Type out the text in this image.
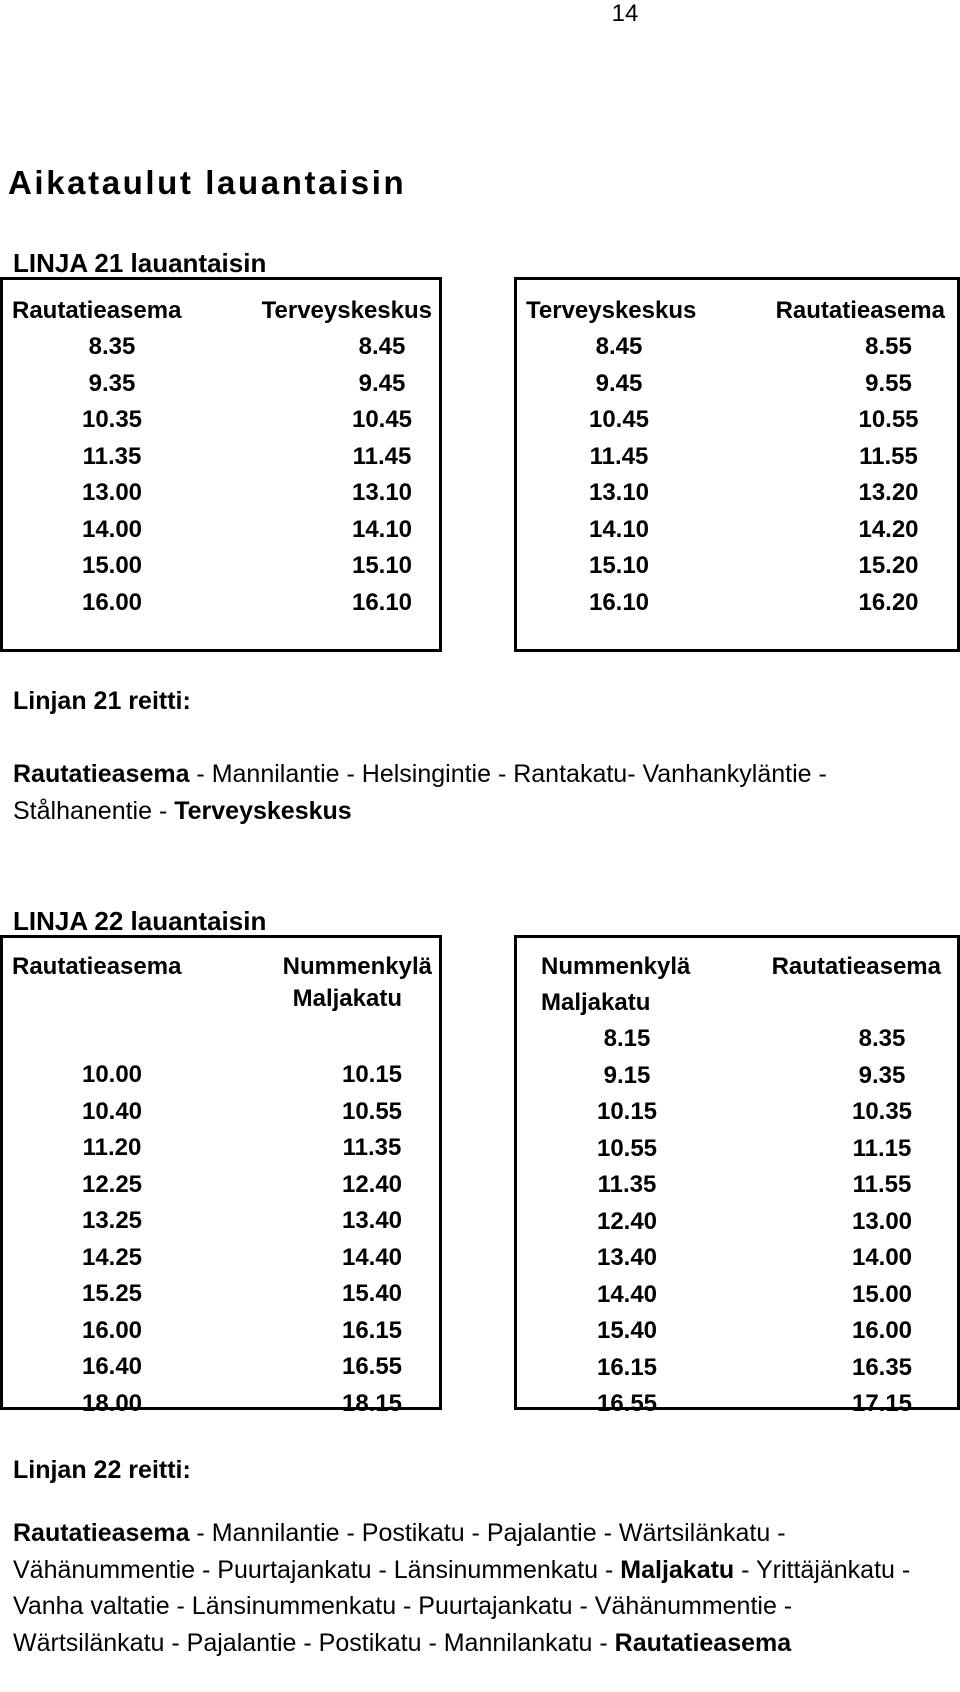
14
Aikataulut lauantaisin
LINJA 21 lauantaisin
Rautatieasema	Terveyskeskus
8.35	8.45
9.35	9.45
10.35	10.45
11.35	11.45
13.00	13.10
14.00	14.10
15.00	15.10
16.00	16.10
Terveyskeskus	Rautatieasema
8.45	8.55
9.45	9.55
10.45	10.55
11.45	11.55
13.10	13.20
14.10	14.20
15.10	15.20
16.10	16.20
Linjan 21 reitti:
Rautatieasema - Mannilantie - Helsingintie - Rantakatu- Vanhankyläntie - Stålhanentie - Terveyskeskus
LINJA 22 lauantaisin
Rautatieasema	Nummenkylä
	Maljakatu
10.00	10.15
10.40	10.55
11.20	11.35
12.25	12.40
13.25	13.40
14.25	14.40
15.25	15.40
16.00	16.15
16.40	16.55
18.00	18.15
Nummenkylä	Rautatieasema
Maljakatu	
8.15	8.35
9.15	9.35
10.15	10.35
10.55	11.15
11.35	11.55
12.40	13.00
13.40	14.00
14.40	15.00
15.40	16.00
16.15	16.35
16.55	17.15
Linjan 22 reitti:
Rautatieasema - Mannilantie - Postikatu - Pajalantie - Wärtsilänkatu - Vähänummentie - Puurtajankatu - Länsinummenkatu - Maljakatu - Yrittäjänkatu - Vanha valtatie - Länsinummenkatu - Puurtajankatu - Vähänummentie - Wärtsilänkatu - Pajalantie - Postikatu - Mannilankatu - Rautatieasema
